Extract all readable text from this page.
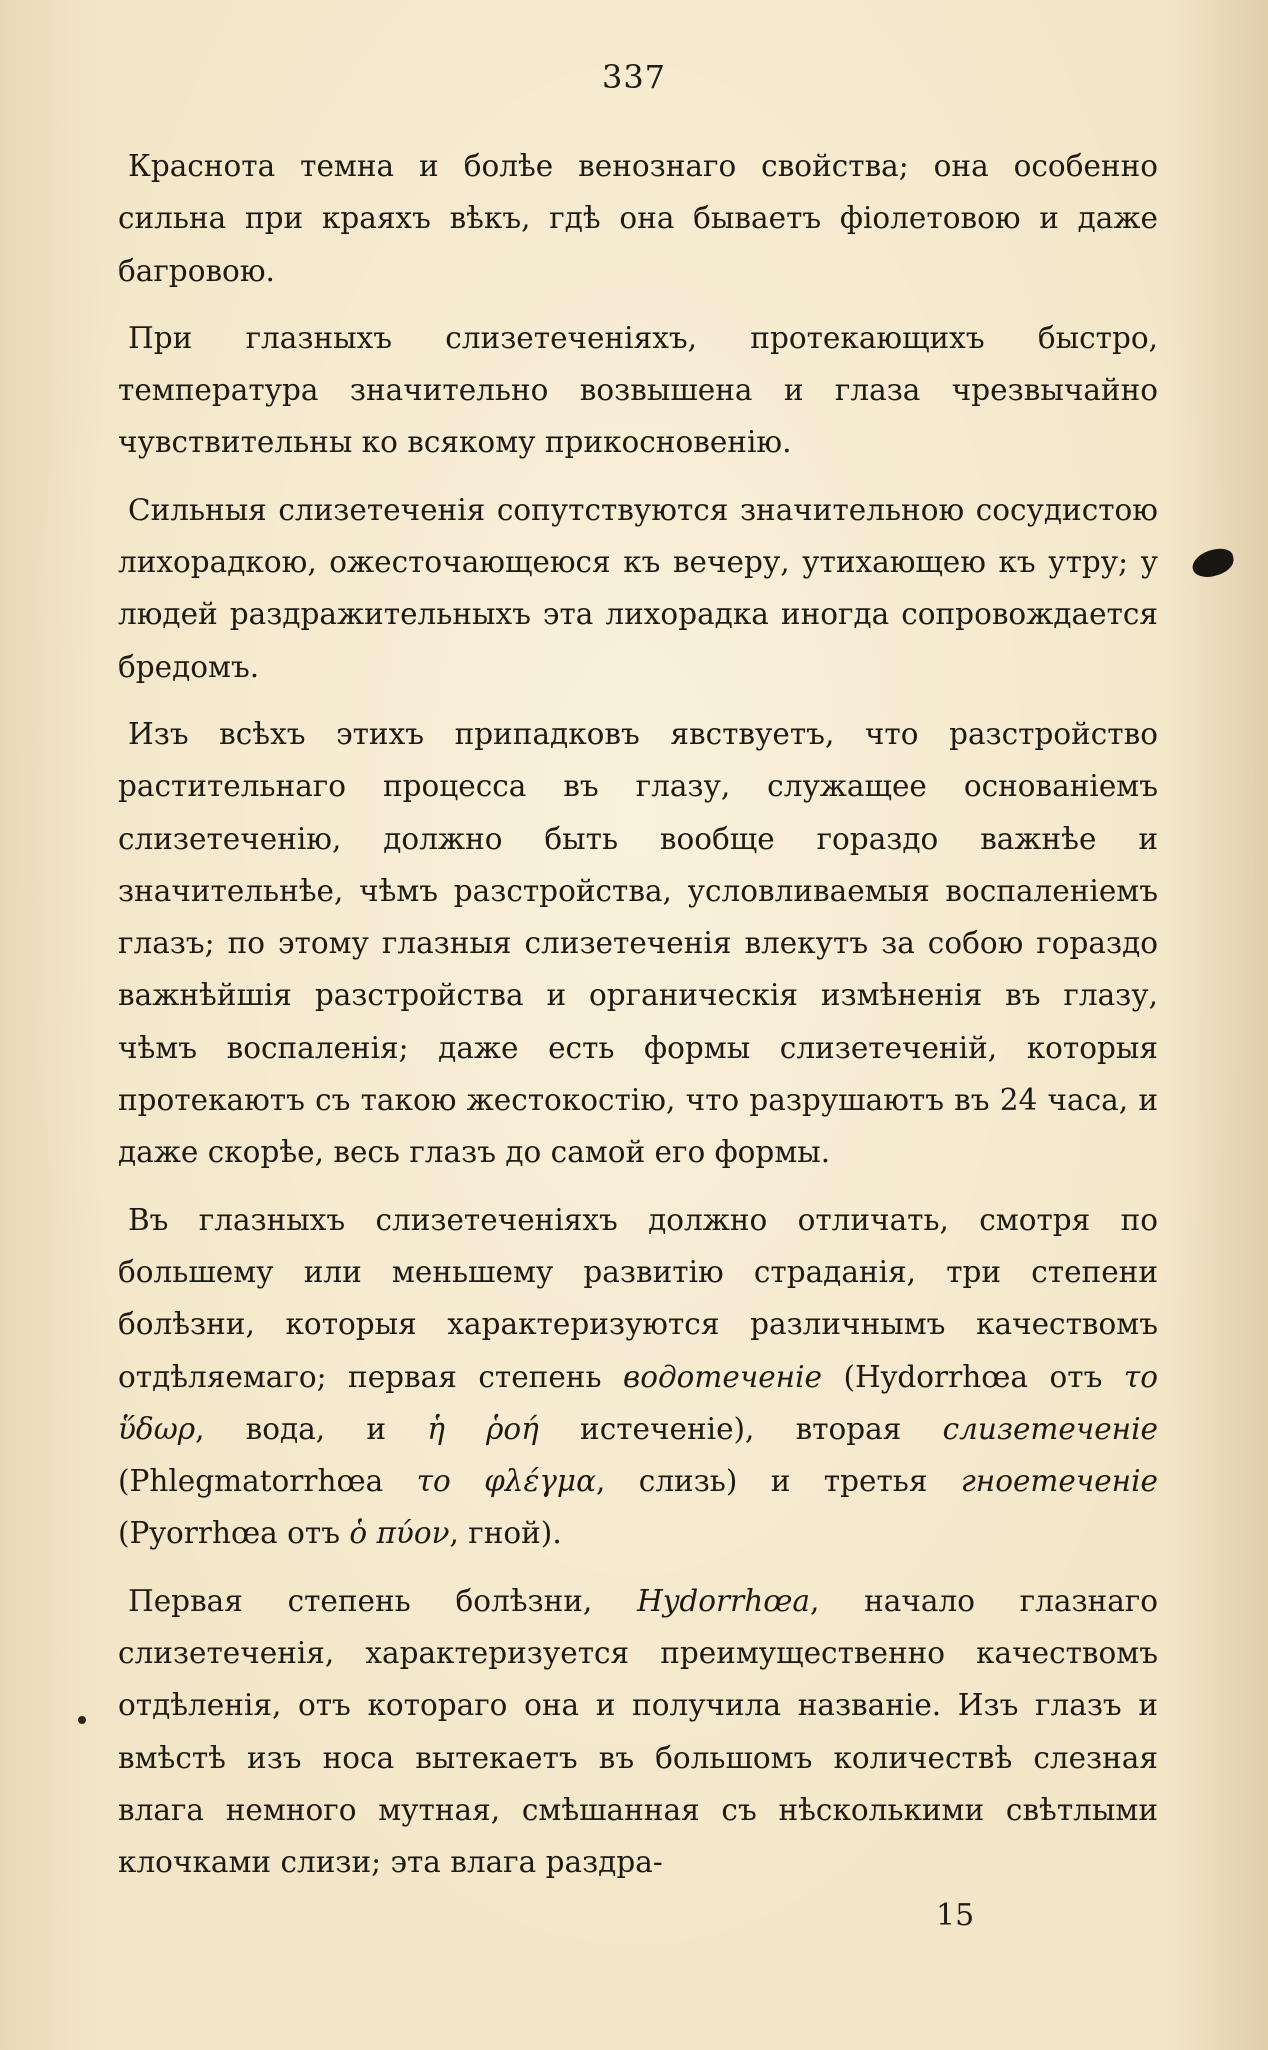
337

Краснота темна и болѣе венознаго свойства; она особенно сильна при краяхъ вѣкъ, гдѣ она бываетъ фіолетовою и даже багровою.

При глазныхъ слизетеченіяхъ, протекающихъ быстро, температура значительно возвышена и глаза чрезвычайно чувствительны ко всякому прикосновенію.

Сильныя слизетеченія сопутствуются значительною сосудистою лихорадкою, ожесточающеюся къ вечеру, утихающею къ утру; у людей раздражительныхъ эта лихорадка иногда сопровождается бредомъ.

Изъ всѣхъ этихъ припадковъ явствуетъ, что разстройство растительнаго процесса въ глазу, служащее основаніемъ слизетеченію, должно быть вообще гораздо важнѣе и значительнѣе, чѣмъ разстройства, условливаемыя воспаленіемъ глазъ; по этому глазныя слизетеченія влекутъ за собою гораздо важнѣйшія разстройства и органическія измѣненія въ глазу, чѣмъ воспаленія; даже есть формы слизетеченій, которыя протекаютъ съ такою жестокостію, что разрушаютъ въ 24 часа, и даже скорѣе, весь глазъ до самой его формы.

Въ глазныхъ слизетеченіяхъ должно отличать, смотря по большему или меньшему развитію страданія, три степени болѣзни, которыя характеризуются различнымъ качествомъ отдѣляемаго; первая степень водотеченіе (Hydorrhœa отъ το ὕδωρ, вода, и ἡ ῥοή истеченіе), вторая слизетеченіе (Phlegmatorrhœa το φλέγμα, слизь) и третья гноетеченіе (Pyorrhœa отъ ὁ πύον, гной).

Первая степень болѣзни, Hydorrhœa, начало глазнаго слизетеченія, характеризуется преимущественно качествомъ отдѣленія, отъ котораго она и получила названіе. Изъ глазъ и вмѣстѣ изъ носа вытекаетъ въ большомъ количествѣ слезная влага немного мутная, смѣшанная съ нѣсколькими свѣтлыми клочками слизи; эта влага раздра-

15
